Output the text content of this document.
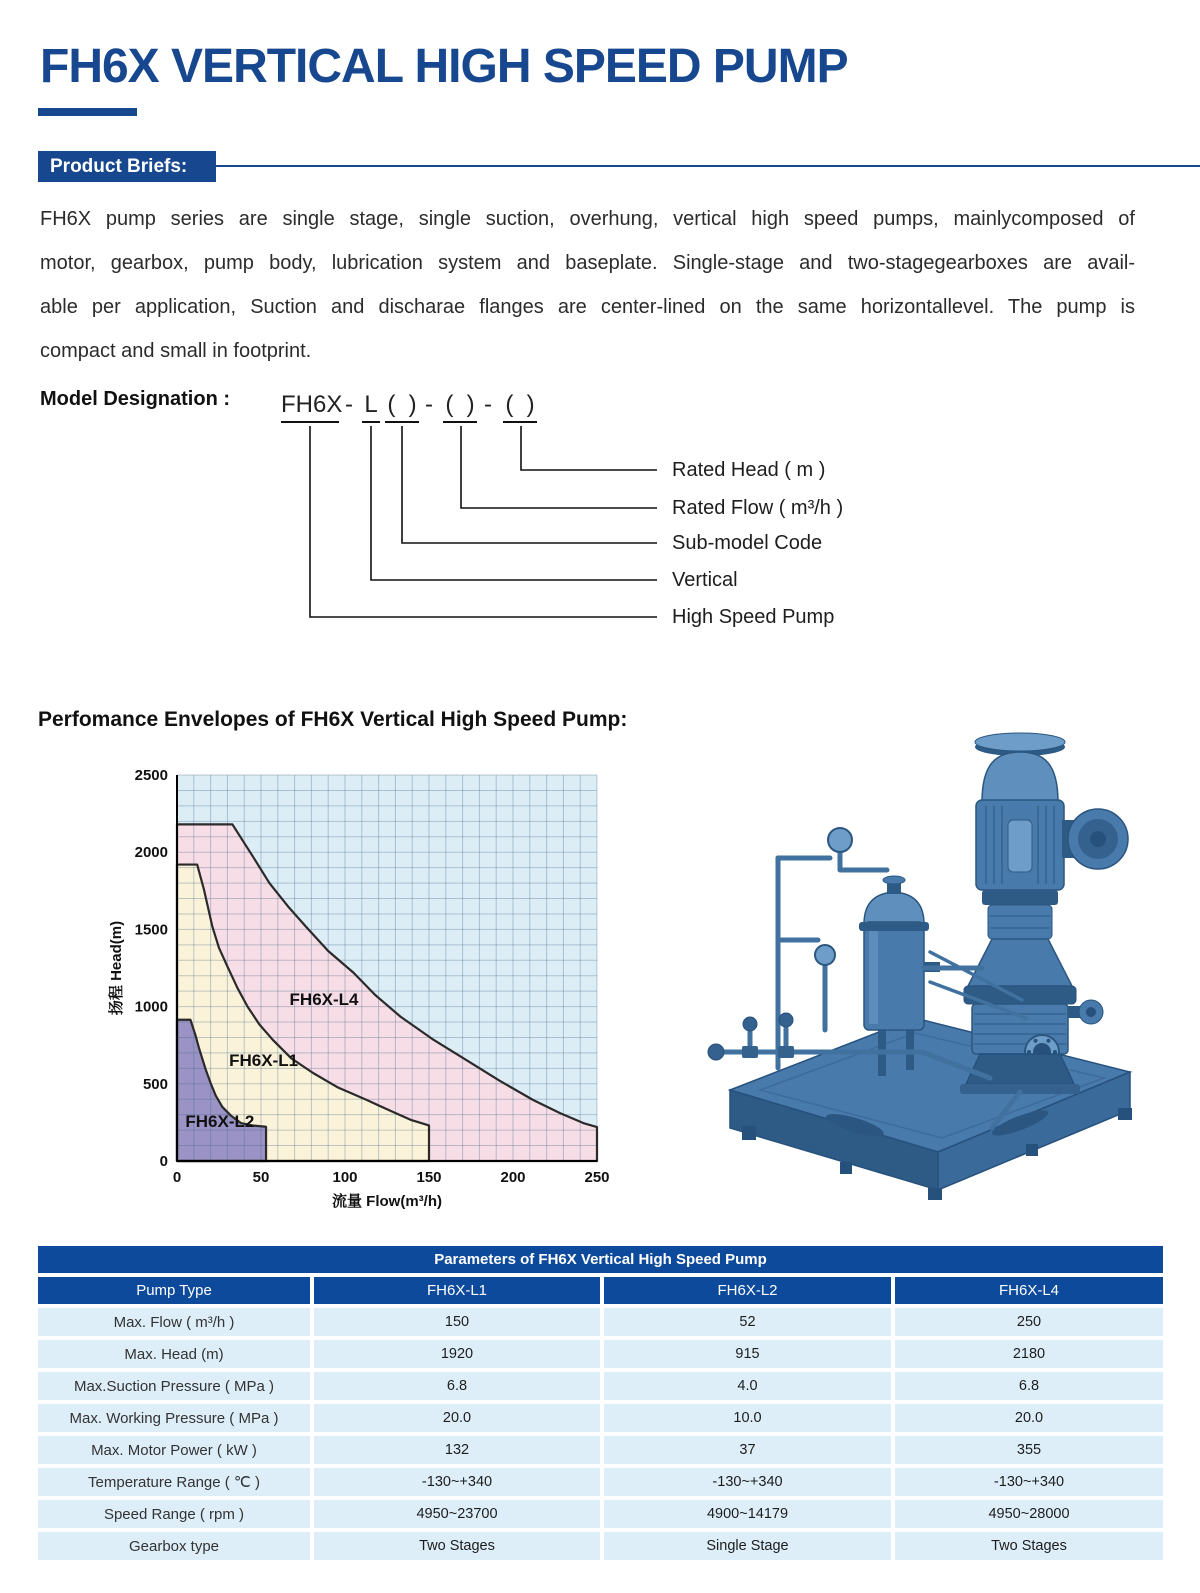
FH6X VERTICAL HIGH SPEED PUMP
Product Briefs:
FH6X pump series are single stage, single suction, overhung, vertical high speed pumps, mainlycomposed of
motor, gearbox, pump body, lubrication system and baseplate. Single-stage and two-stagegearboxes are avail-
able per application, Suction and discharae flanges are center-lined on the same horizontallevel. The pump is
compact and small in footprint.
Model Designation : FH6X - L (  ) - (  ) - (  )
Rated Head ( m )
Rated Flow ( m³/h )
Sub-model Code
Vertical
High Speed Pump
Perfomance Envelopes of FH6X Vertical High Speed Pump:
0
500
1000
1500
2000
2500
0	50	100	150	200	250
流量 Flow(m³/h)
扬程 Head(m)	FH6X-L4
FH6X-L1
FH6X-L2
Parameters of FH6X Vertical High Speed Pump
Pump Type	FH6X-L1	FH6X-L2	FH6X-L4
Max. Flow ( m³/h )	150	52	250
Max. Head (m)	1920	915	2180
Max.Suction Pressure ( MPa )	6.8	4.0	6.8
Max. Working Pressure ( MPa )	20.0	10.0	20.0
Max. Motor Power ( kW )	132	37	355
Temperature Range ( ℃ )	-130~+340	-130~+340	-130~+340
Speed Range ( rpm )	4950~23700	4900~14179	4950~28000
Gearbox type	Two Stages	Single Stage	Two Stages
